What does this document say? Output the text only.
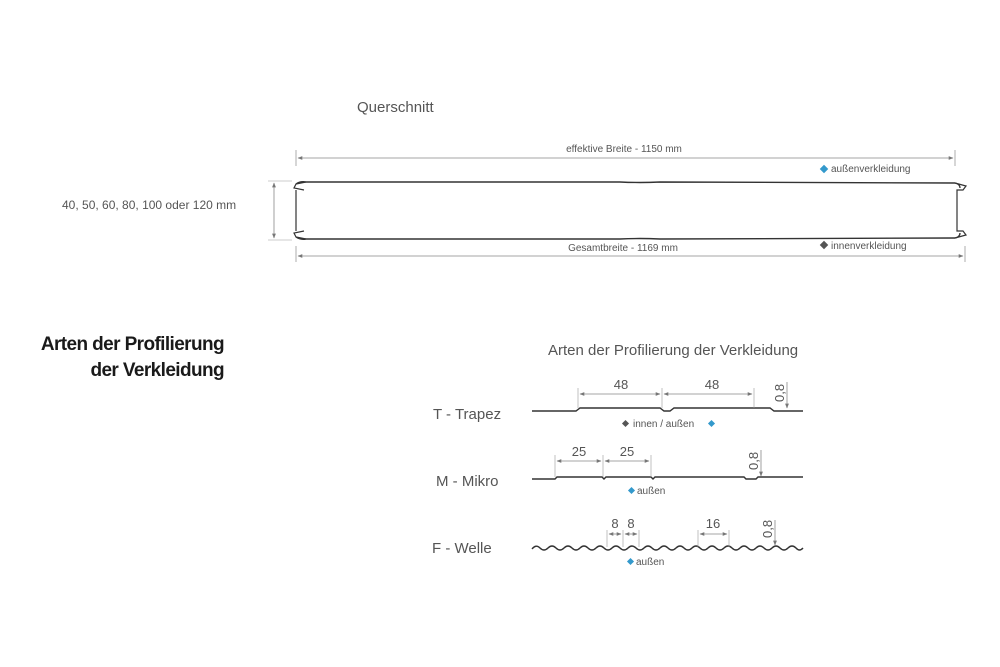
Querschnitt
40, 50, 60, 80, 100 oder 120 mm
Arten der Profilierung
der Verkleidung
Arten der Profilierung der Verkleidung
T - Trapez
M - Mikro
F - Welle
effektive Breite - 1150 mm
Gesamtbreite - 1169 mm
außenverkleidung
innenverkleidung
48	48	0,8
innen / außen
25	25
0,8
außen
8 8	16	0,8
außen
